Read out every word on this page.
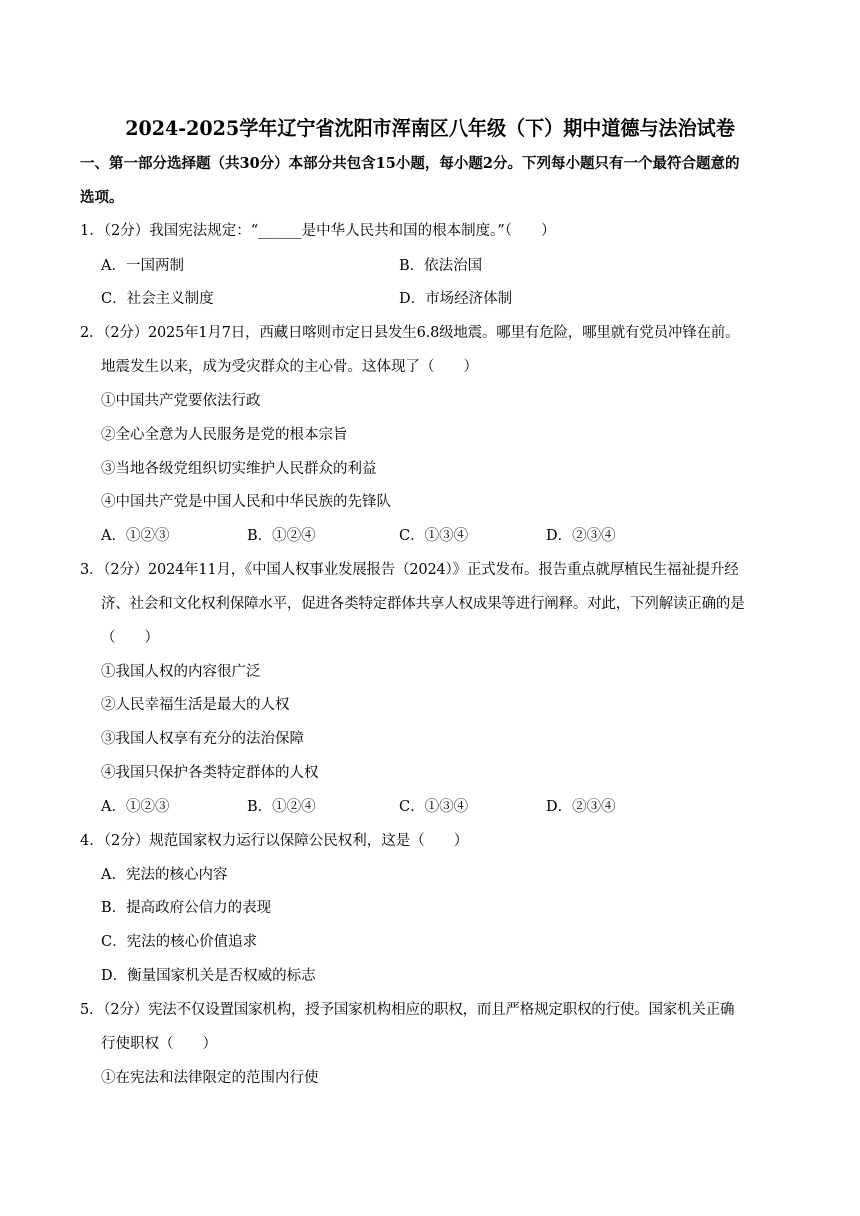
2024-2025学年辽宁省沈阳市浑南区八年级（下）期中道德与法治试卷
一、第一部分选择题（共30分）本部分共包含15小题，每小题2分。下列每小题只有一个最符合题意的
选项。
1．（2分）我国宪法规定：“______是中华人民共和国的根本制度。”（　　）
A．一国两制	B．依法治国
C．社会主义制度	D．市场经济体制
2．（2分）2025年1月7日，西藏日喀则市定日县发生6.8级地震。哪里有危险，哪里就有党员冲锋在前。
地震发生以来，成为受灾群众的主心骨。这体现了（　　）
①中国共产党要依法行政
②全心全意为人民服务是党的根本宗旨
③当地各级党组织切实维护人民群众的利益
④中国共产党是中国人民和中华民族的先锋队
A．①②③	B．①②④	C．①③④	D．②③④
3．（2分）2024年11月，《中国人权事业发展报告（2024）》正式发布。报告重点就厚植民生福祉提升经
济、社会和文化权利保障水平，促进各类特定群体共享人权成果等进行阐释。对此，下列解读正确的是
（　　）
①我国人权的内容很广泛
②人民幸福生活是最大的人权
③我国人权享有充分的法治保障
④我国只保护各类特定群体的人权
A．①②③	B．①②④	C．①③④	D．②③④
4．（2分）规范国家权力运行以保障公民权利，这是（　　）
A．宪法的核心内容
B．提高政府公信力的表现
C．宪法的核心价值追求
D．衡量国家机关是否权威的标志
5．（2分）宪法不仅设置国家机构，授予国家机构相应的职权，而且严格规定职权的行使。国家机关正确
行使职权（　　）
①在宪法和法律限定的范围内行使
